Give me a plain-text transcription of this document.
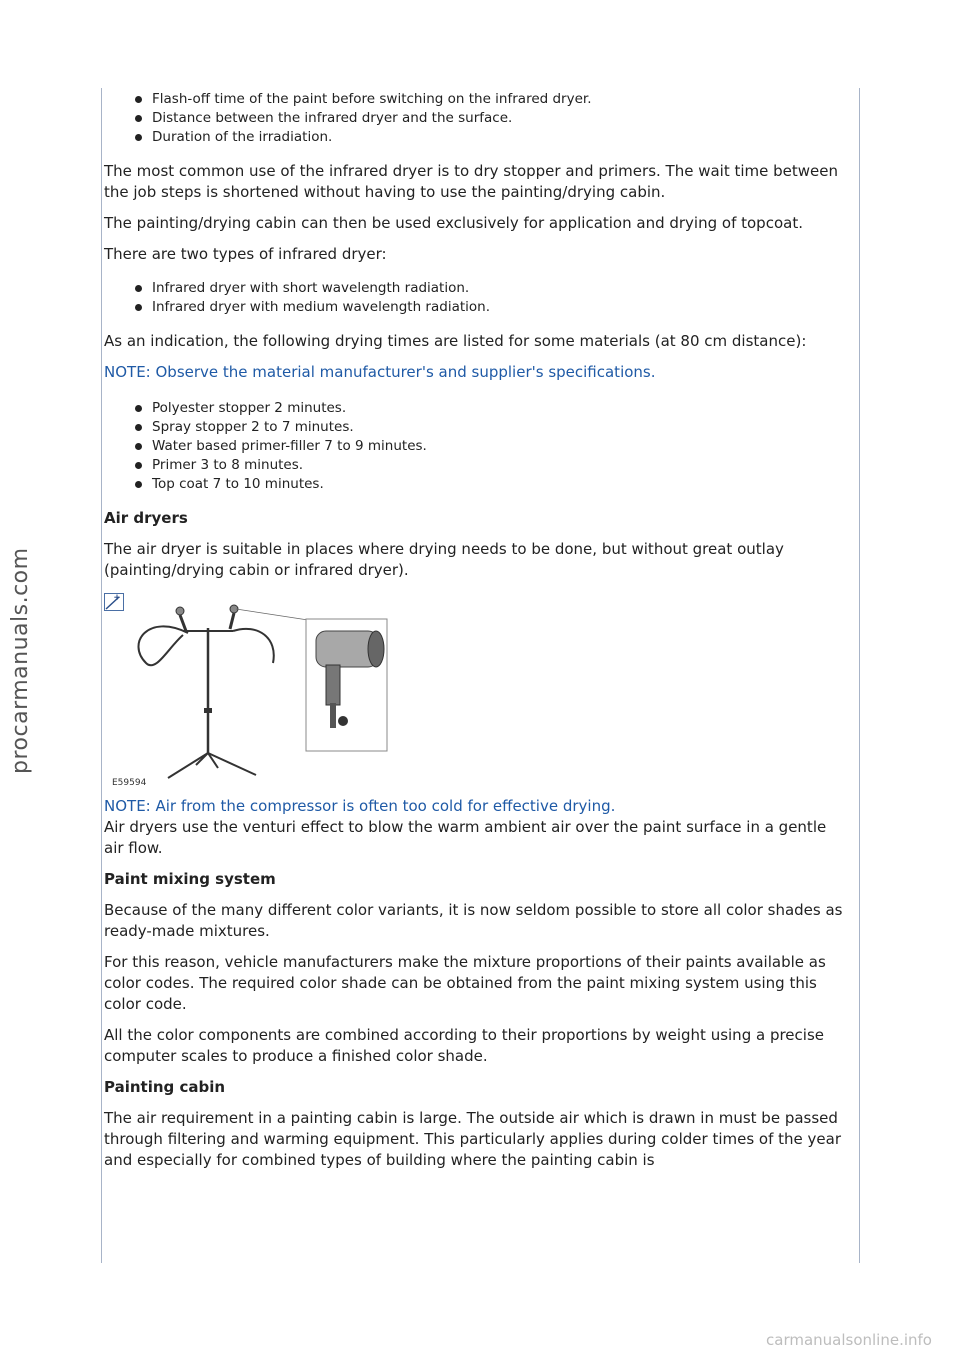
procarmanuals.com
carmanualsonline.info
Flash-off time of the paint before switching on the infrared dryer.
Distance between the infrared dryer and the surface.
Duration of the irradiation.

The most common use of the infrared dryer is to dry stopper and primers. The wait time between the job steps is shortened without having to use the painting/drying cabin.

The painting/drying cabin can then be used exclusively for application and drying of topcoat.

There are two types of infrared dryer:

Infrared dryer with short wavelength radiation.
Infrared dryer with medium wavelength radiation.

As an indication, the following drying times are listed for some materials (at 80 cm distance):

NOTE: Observe the material manufacturer's and supplier's specifications.

Polyester stopper 2 minutes.
Spray stopper 2 to 7 minutes.
Water based primer-filler 7 to 9 minutes.
Primer 3 to 8 minutes.
Top coat 7 to 10 minutes.

Air dryers

The air dryer is suitable in places where drying needs to be done, but without great outlay (painting/drying cabin or infrared dryer).

E59594

NOTE: Air from the compressor is often too cold for effective drying.

Air dryers use the venturi effect to blow the warm ambient air over the paint surface in a gentle air flow.

Paint mixing system

Because of the many different color variants, it is now seldom possible to store all color shades as ready-made mixtures.

For this reason, vehicle manufacturers make the mixture proportions of their paints available as color codes. The required color shade can be obtained from the paint mixing system using this color code.

All the color components are combined according to their proportions by weight using a precise computer scales to produce a finished color shade.

Painting cabin

The air requirement in a painting cabin is large. The outside air which is drawn in must be passed through filtering and warming equipment. This particularly applies during colder times of the year and especially for combined types of building where the painting cabin is
